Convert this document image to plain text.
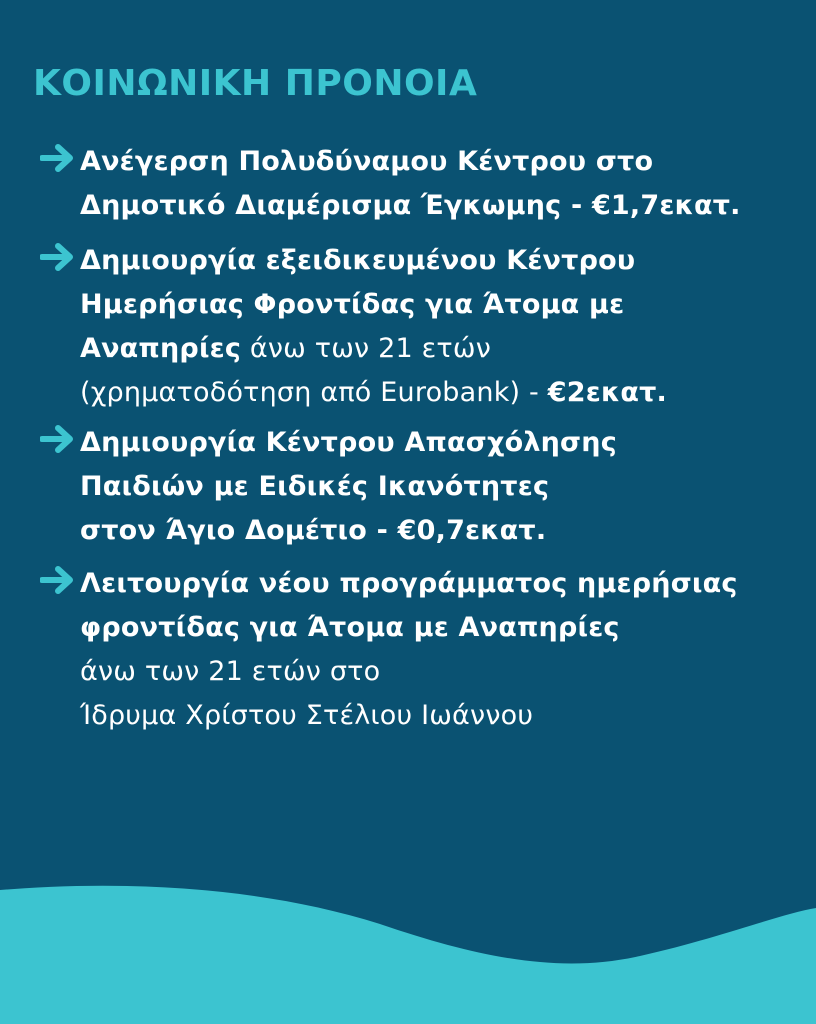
ΚΟΙΝΩΝΙΚΗ ΠΡΟΝΟΙΑ
Ανέγερση Πολυδύναμου Κέντρου στο
Δημοτικό Διαμέρισμα Έγκωμης - €1,7εκατ.
Δημιουργία εξειδικευμένου Κέντρου
Ημερήσιας Φροντίδας για Άτομα με
Αναπηρίες άνω των 21 ετών
(χρηματοδότηση από Eurobank) - €2εκατ.
Δημιουργία Κέντρου Απασχόλησης
Παιδιών με Ειδικές Ικανότητες
στον Άγιο Δομέτιο - €0,7εκατ.
Λειτουργία νέου προγράμματος ημερήσιας
φροντίδας για Άτομα με Αναπηρίες
άνω των 21 ετών στο
Ίδρυμα Χρίστου Στέλιου Ιωάννου
